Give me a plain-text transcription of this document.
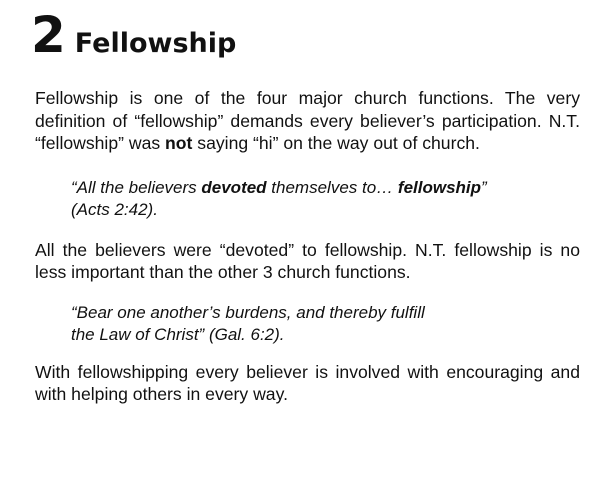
2 Fellowship

Fellowship is one of the four major church functions. The very definition of “fellowship” demands every believer’s participation. N.T. “fellowship” was not saying “hi” on the way out of church.

“All the believers devoted themselves to… fellowship”
(Acts 2:42).

All the believers were “devoted” to fellowship. N.T. fellowship is no less important than the other 3 church functions.

“Bear one another’s burdens, and thereby fulfill
the Law of Christ” (Gal. 6:2).

With fellowshipping every believer is involved with encouraging and with helping others in every way.
